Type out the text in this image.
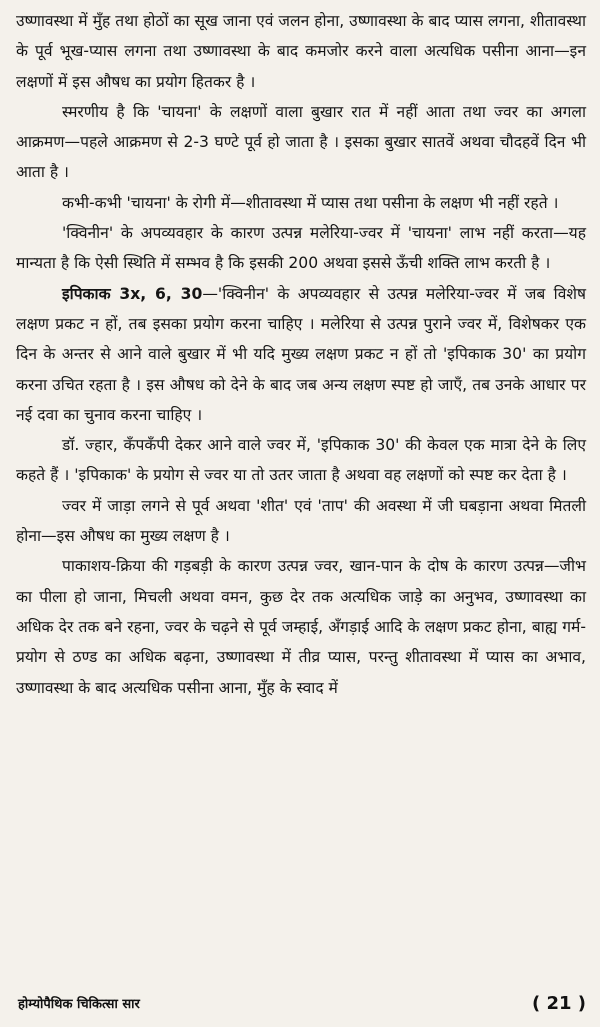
उष्णावस्था में मुँह तथा होठों का सूख जाना एवं जलन होना, उष्णावस्था के बाद प्यास लगना, शीतावस्था के पूर्व भूख-प्यास लगना तथा उष्णावस्था के बाद कमजोर करने वाला अत्यधिक पसीना आना—इन लक्षणों में इस औषध का प्रयोग हितकर है ।

स्मरणीय है कि 'चायना' के लक्षणों वाला बुखार रात में नहीं आता तथा ज्वर का अगला आक्रमण—पहले आक्रमण से 2-3 घण्टे पूर्व हो जाता है । इसका बुखार सातवें अथवा चौदहवें दिन भी आता है ।

कभी-कभी 'चायना' के रोगी में—शीतावस्था में प्यास तथा पसीना के लक्षण भी नहीं रहते ।

'क्विनीन' के अपव्यवहार के कारण उत्पन्न मलेरिया-ज्वर में 'चायना' लाभ नहीं करता—यह मान्यता है कि ऐसी स्थिति में सम्भव है कि इसकी 200 अथवा इससे ऊँची शक्ति लाभ करती है ।

इपिकाक 3x, 6, 30—'क्विनीन' के अपव्यवहार से उत्पन्न मलेरिया-ज्वर में जब विशेष लक्षण प्रकट न हों, तब इसका प्रयोग करना चाहिए । मलेरिया से उत्पन्न पुराने ज्वर में, विशेषकर एक दिन के अन्तर से आने वाले बुखार में भी यदि मुख्य लक्षण प्रकट न हों तो 'इपिकाक 30' का प्रयोग करना उचित रहता है । इस औषध को देने के बाद जब अन्य लक्षण स्पष्ट हो जाएँ, तब उनके आधार पर नई दवा का चुनाव करना चाहिए ।

डॉ. ज्हार, कँपकँपी देकर आने वाले ज्वर में, 'इपिकाक 30' की केवल एक मात्रा देने के लिए कहते हैं । 'इपिकाक' के प्रयोग से ज्वर या तो उतर जाता है अथवा वह लक्षणों को स्पष्ट कर देता है ।

ज्वर में जाड़ा लगने से पूर्व अथवा 'शीत' एवं 'ताप' की अवस्था में जी घबड़ाना अथवा मितली होना—इस औषध का मुख्य लक्षण है ।

पाकाशय-क्रिया की गड़बड़ी के कारण उत्पन्न ज्वर, खान-पान के दोष के कारण उत्पन्न—जीभ का पीला हो जाना, मिचली अथवा वमन, कुछ देर तक अत्यधिक जाड़े का अनुभव, उष्णावस्था का अधिक देर तक बने रहना, ज्वर के चढ़ने से पूर्व जम्हाई, अँगड़ाई आदि के लक्षण प्रकट होना, बाह्य गर्म- प्रयोग से ठण्ड का अधिक बढ़ना, उष्णावस्था में तीव्र प्यास, परन्तु शीतावस्था में प्यास का अभाव, उष्णावस्था के बाद अत्यधिक पसीना आना, मुँह के स्वाद में

होम्योपैथिक चिकित्सा सार	( 21 )
